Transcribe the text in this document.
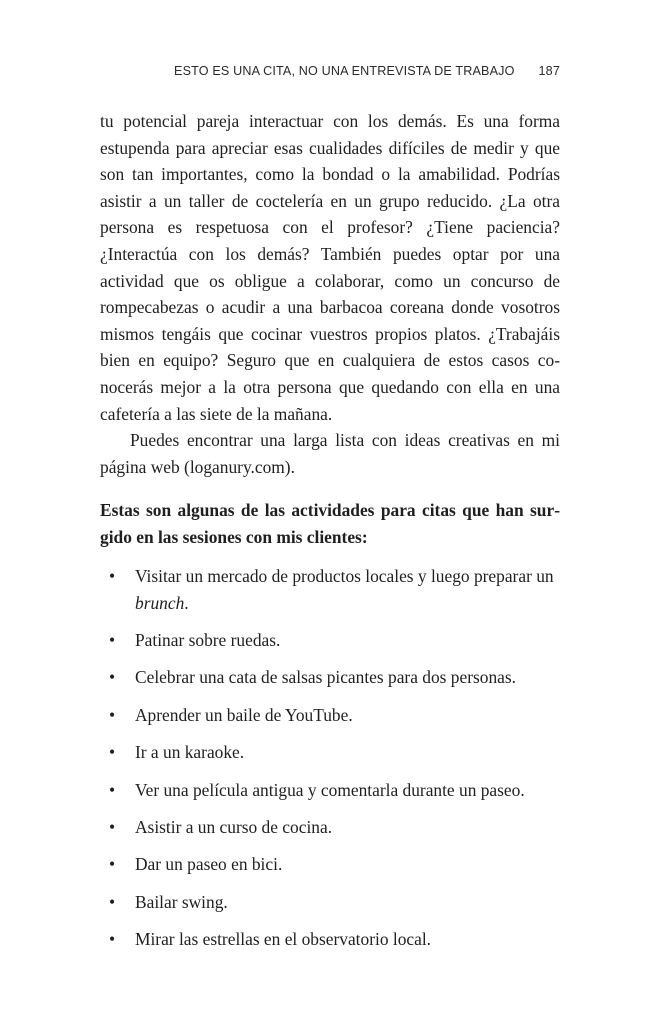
ESTO ES UNA CITA, NO UNA ENTREVISTA DE TRABAJO 187

tu potencial pareja interactuar con los demás. Es una forma estupenda para apreciar esas cualidades difíciles de medir y que son tan importantes, como la bondad o la amabilidad. Podrías asistir a un taller de coctelería en un grupo reducido. ¿La otra persona es respetuosa con el profesor? ¿Tiene paciencia? ¿Interactúa con los demás? También puedes optar por una actividad que os obligue a colaborar, como un concurso de rompecabezas o acudir a una barbacoa coreana donde vosotros mismos tengáis que cocinar vuestros propios platos. ¿Trabajáis bien en equipo? Seguro que en cualquiera de estos casos conocerás mejor a la otra persona que quedando con ella en una cafetería a las siete de la mañana.

Puedes encontrar una larga lista con ideas creativas en mi página web (loganury.com).

Estas son algunas de las actividades para citas que han surgido en las sesiones con mis clientes:
• Visitar un mercado de productos locales y luego preparar un brunch.
• Patinar sobre ruedas.
• Celebrar una cata de salsas picantes para dos personas.
• Aprender un baile de YouTube.
• Ir a un karaoke.
• Ver una película antigua y comentarla durante un paseo.
• Asistir a un curso de cocina.
• Dar un paseo en bici.
• Bailar swing.
• Mirar las estrellas en el observatorio local.
